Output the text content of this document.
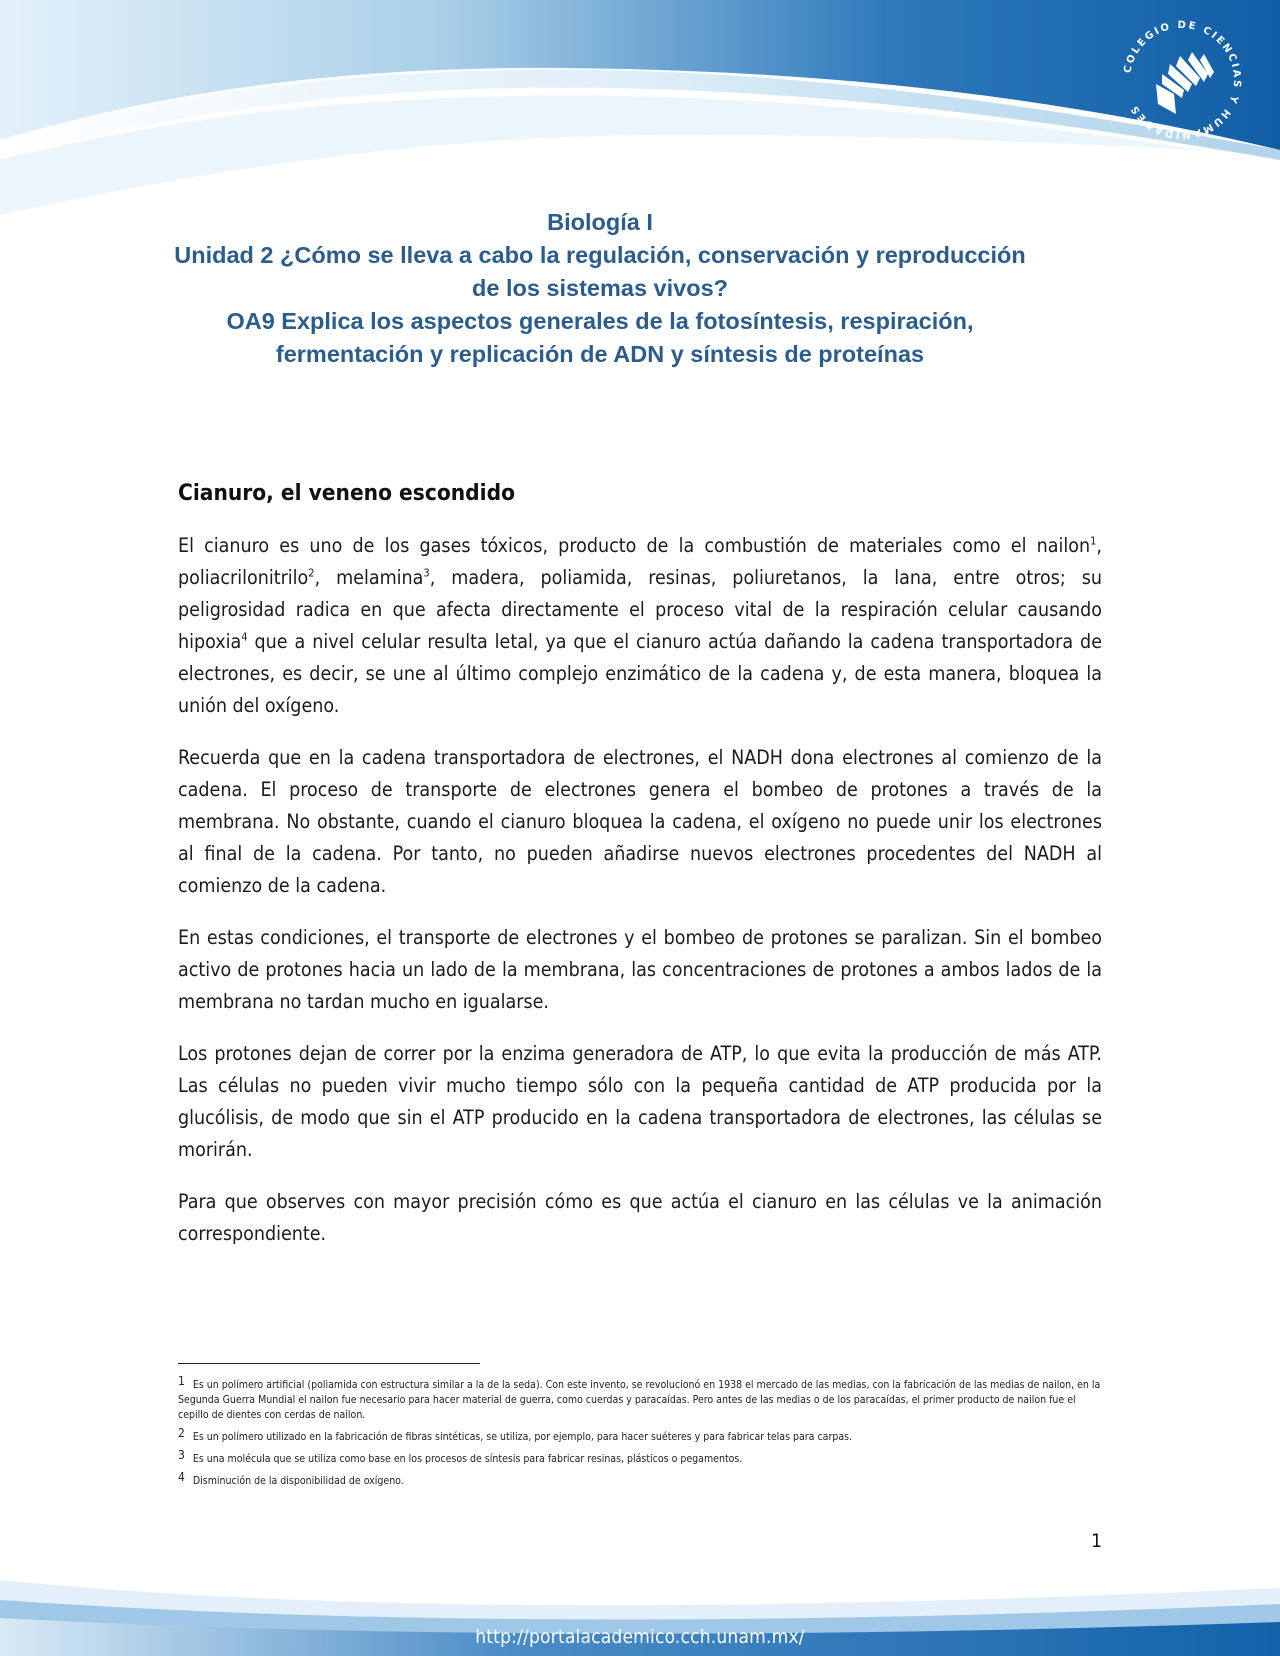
COLEGIO DE CIENCIAS Y HUMANIDADES
Biología I
Unidad 2 ¿Cómo se lleva a cabo la regulación, conservación y reproducción
de los sistemas vivos?
OA9 Explica los aspectos generales de la fotosíntesis, respiración,
fermentación y replicación de ADN y síntesis de proteínas
Cianuro, el veneno escondido

El cianuro es uno de los gases tóxicos, producto de la combustión de materiales como el nailon$^1$, poliacrilonitrilo$^2$, melamina$^3$, madera, poliamida, resinas, poliuretanos, la lana, entre otros; su peligrosidad radica en que afecta directamente el proceso vital de la respiración celular causando hipoxia$^4$ que a nivel celular resulta letal, ya que el cianuro actúa dañando la cadena transportadora de electrones, es decir, se une al último complejo enzimático de la cadena y, de esta manera, bloquea la unión del oxígeno.

Recuerda que en la cadena transportadora de electrones, el NADH dona electrones al comienzo de la cadena. El proceso de transporte de electrones genera el bombeo de protones a través de la membrana. No obstante, cuando el cianuro bloquea la cadena, el oxígeno no puede unir los electrones al final de la cadena. Por tanto, no pueden añadirse nuevos electrones procedentes del NADH al comienzo de la cadena.

En estas condiciones, el transporte de electrones y el bombeo de protones se paralizan. Sin el bombeo activo de protones hacia un lado de la membrana, las concentraciones de protones a ambos lados de la membrana no tardan mucho en igualarse.

Los protones dejan de correr por la enzima generadora de ATP, lo que evita la producción de más ATP. Las células no pueden vivir mucho tiempo sólo con la pequeña cantidad de ATP producida por la glucólisis, de modo que sin el ATP producido en la cadena transportadora de electrones, las células se morirán.

Para que observes con mayor precisión cómo es que actúa el cianuro en las células ve la animación correspondiente.

1 Es un polímero artificial (poliamida con estructura similar a la de la seda). Con este invento, se revolucionó en 1938 el mercado de las medias, con la fabricación de las medias de nailon, en la Segunda Guerra Mundial el nailon fue necesario para hacer material de guerra, como cuerdas y paracaídas. Pero antes de las medias o de los paracaídas, el primer producto de nailon fue el cepillo de dientes con cerdas de nailon.
2 Es un polímero utilizado en la fabricación de fibras sintéticas, se utiliza, por ejemplo, para hacer suéteres y para fabricar telas para carpas.
3 Es una molécula que se utiliza como base en los procesos de síntesis para fabricar resinas, plásticos o pegamentos.
4 Disminución de la disponibilidad de oxígeno.
1
http://portalacademico.cch.unam.mx/
